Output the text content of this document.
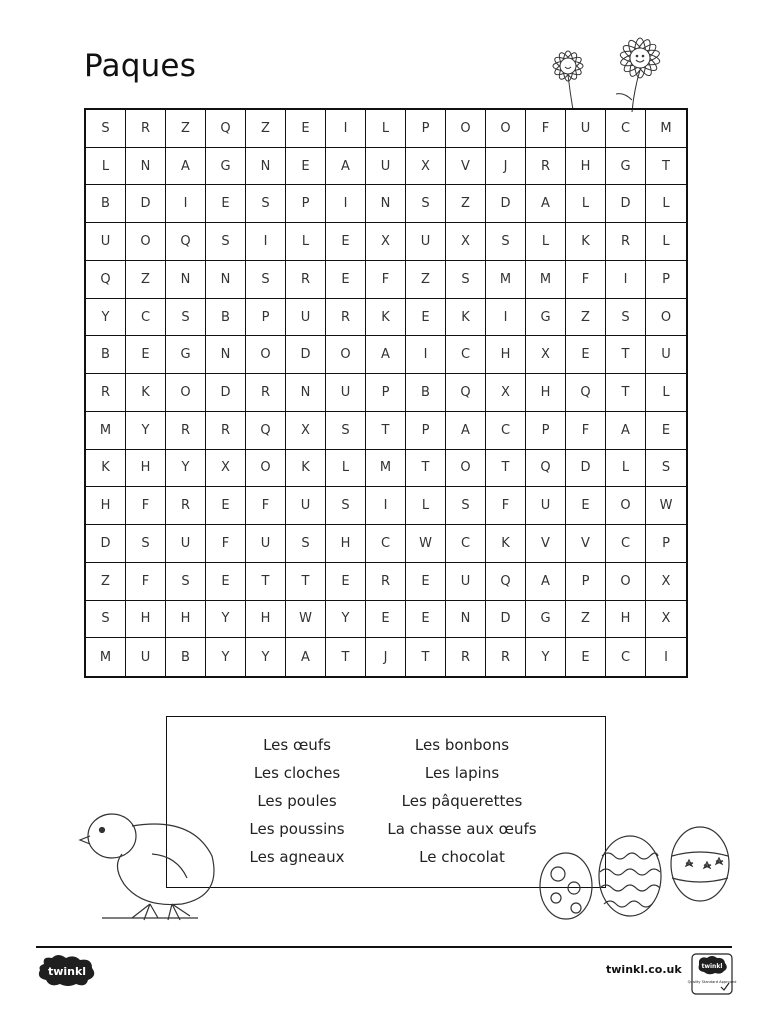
Paques
S	R	Z	Q	Z	E	I	L	P	O	O	F	U	C	M
L	N	A	G	N	E	A	U	X	V	J	R	H	G	T
B	D	I	E	S	P	I	N	S	Z	D	A	L	D	L
U	O	Q	S	I	L	E	X	U	X	S	L	K	R	L
Q	Z	N	N	S	R	E	F	Z	S	M	M	F	I	P
Y	C	S	B	P	U	R	K	E	K	I	G	Z	S	O
B	E	G	N	O	D	O	A	I	C	H	X	E	T	U
R	K	O	D	R	N	U	P	B	Q	X	H	Q	T	L
M	Y	R	R	Q	X	S	T	P	A	C	P	F	A	E
K	H	Y	X	O	K	L	M	T	O	T	Q	D	L	S
H	F	R	E	F	U	S	I	L	S	F	U	E	O	W
D	S	U	F	U	S	H	C	W	C	K	V	V	C	P
Z	F	S	E	T	T	E	R	E	U	Q	A	P	O	X
S	H	H	Y	H	W	Y	E	E	N	D	G	Z	H	X
M	U	B	Y	Y	A	T	J	T	R	R	Y	E	C	I
Les œufs	Les bonbons
Les cloches	Les lapins
Les poules	Les pâquerettes
Les poussins	La chasse aux œufs
Les agneaux	Le chocolat
twinkl	twinkl.co.uk	twinkl
Quality Standard Approved
